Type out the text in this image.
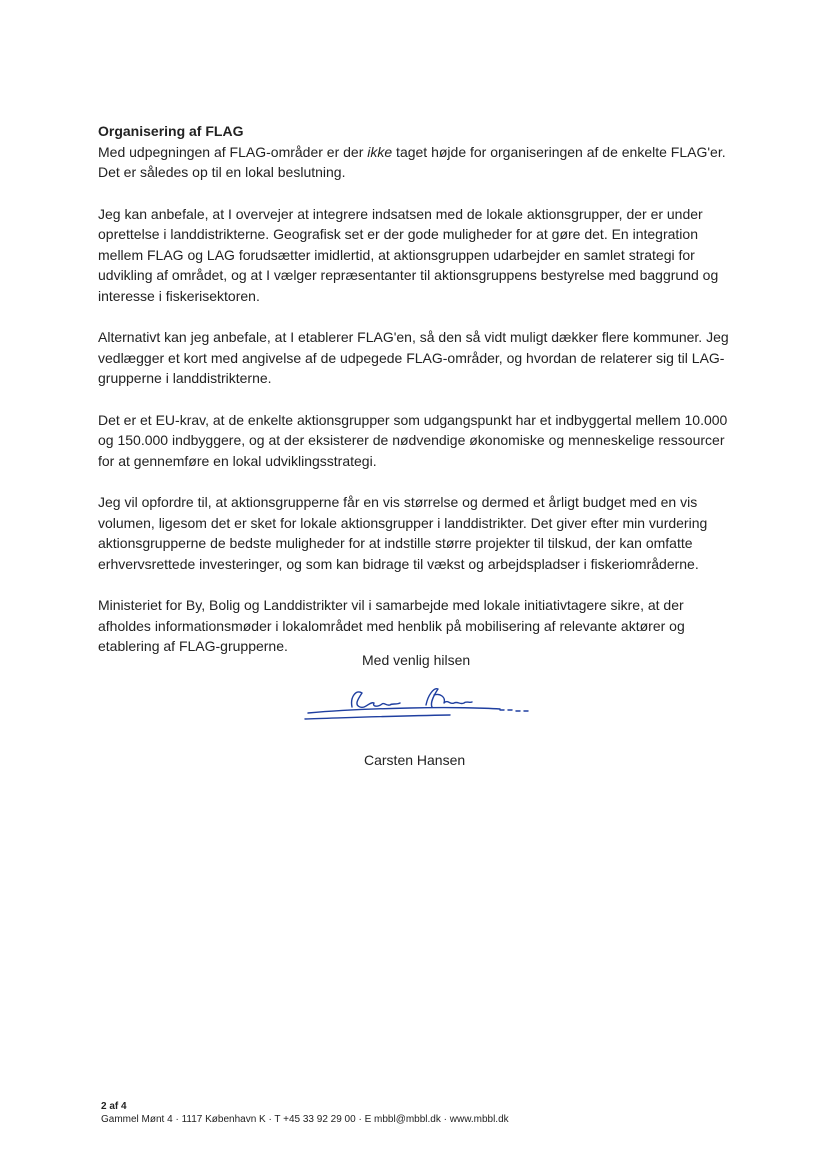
Organisering af FLAG

Med udpegningen af FLAG-områder er der ikke taget højde for organiseringen af de enkelte FLAG'er. Det er således op til en lokal beslutning.

Jeg kan anbefale, at I overvejer at integrere indsatsen med de lokale aktionsgrupper, der er under oprettelse i landdistrikterne. Geografisk set er der gode muligheder for at gøre det. En integration mellem FLAG og LAG forudsætter imidlertid, at aktionsgruppen udarbejder en samlet strategi for udvikling af området, og at I vælger repræsentanter til aktionsgruppens bestyrelse med baggrund og interesse i fiskerisektoren.

Alternativt kan jeg anbefale, at I etablerer FLAG'en, så den så vidt muligt dækker flere kommuner. Jeg vedlægger et kort med angivelse af de udpegede FLAG-områder, og hvordan de relaterer sig til LAG-grupperne i landdistrikterne.

Det er et EU-krav, at de enkelte aktionsgrupper som udgangspunkt har et indbyggertal mellem 10.000 og 150.000 indbyggere, og at der eksisterer de nødvendige økonomiske og menneskelige ressourcer for at gennemføre en lokal udviklingsstrategi.

Jeg vil opfordre til, at aktionsgrupperne får en vis størrelse og dermed et årligt budget med en vis volumen, ligesom det er sket for lokale aktionsgrupper i landdistrikter. Det giver efter min vurdering aktionsgrupperne de bedste muligheder for at indstille større projekter til tilskud, der kan omfatte erhvervsrettede investeringer, og som kan bidrage til vækst og arbejdspladser i fiskeriområderne.

Ministeriet for By, Bolig og Landdistrikter vil i samarbejde med lokale initiativtagere sikre, at der afholdes informationsmøder i lokalområdet med henblik på mobilisering af relevante aktører og etablering af FLAG-grupperne.

Med venlig hilsen
Carsten Hansen
2 af 4
Gammel Mønt 4 · 1117 København K · T +45 33 92 29 00 · E mbbl@mbbl.dk · www.mbbl.dk
